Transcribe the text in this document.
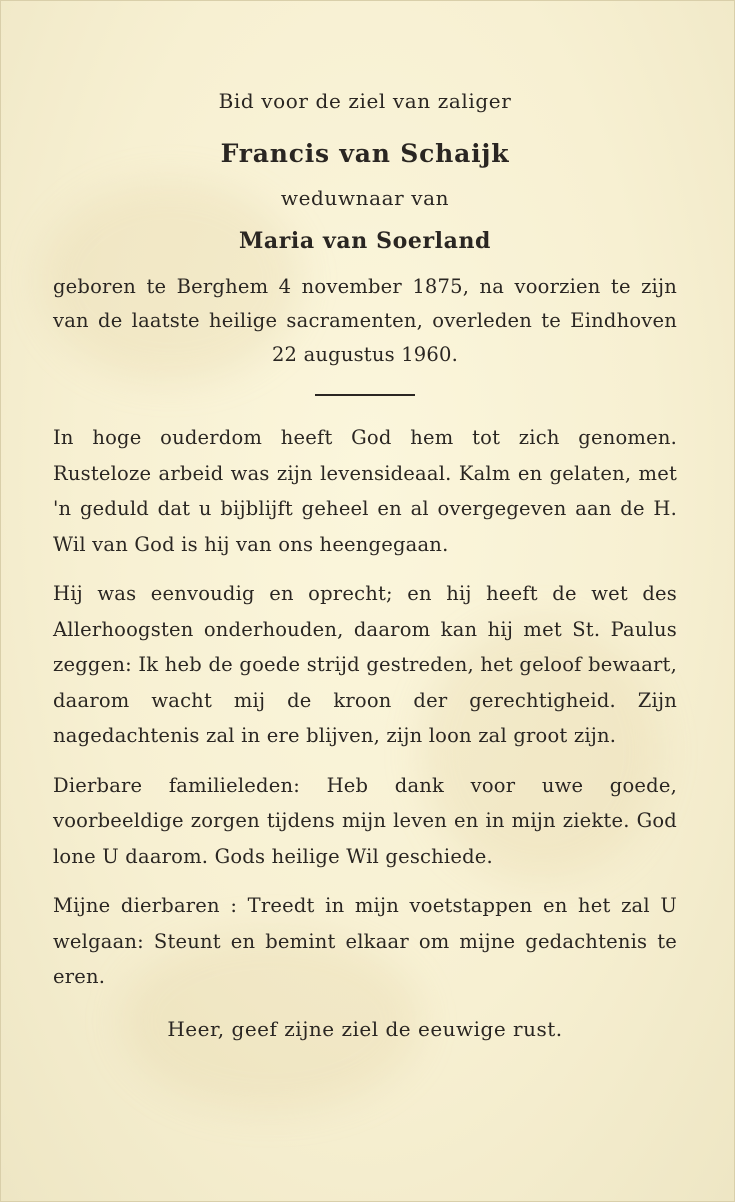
Bid voor de ziel van zaliger

Francis van Schaijk

weduwnaar van

Maria van Soerland

geboren te Berghem 4 november 1875, na voorzien te zijn van de laatste heilige sacramenten, overleden te Eindhoven 22 augustus 1960.

In hoge ouderdom heeft God hem tot zich genomen. Rusteloze arbeid was zijn levensideaal. Kalm en gelaten, met 'n geduld dat u bijblijft geheel en al overgegeven aan de H. Wil van God is hij van ons heengegaan.

Hij was eenvoudig en oprecht; en hij heeft de wet des Allerhoogsten onderhouden, daarom kan hij met St. Paulus zeggen: Ik heb de goede strijd gestreden, het geloof bewaart, daarom wacht mij de kroon der gerechtigheid. Zijn nagedachtenis zal in ere blijven, zijn loon zal groot zijn.

Dierbare familieleden: Heb dank voor uwe goede, voorbeeldige zorgen tijdens mijn leven en in mijn ziekte. God lone U daarom. Gods heilige Wil geschiede.

Mijne dierbaren : Treedt in mijn voetstappen en het zal U welgaan: Steunt en bemint elkaar om mijne gedachtenis te eren.

Heer, geef zijne ziel de eeuwige rust.
